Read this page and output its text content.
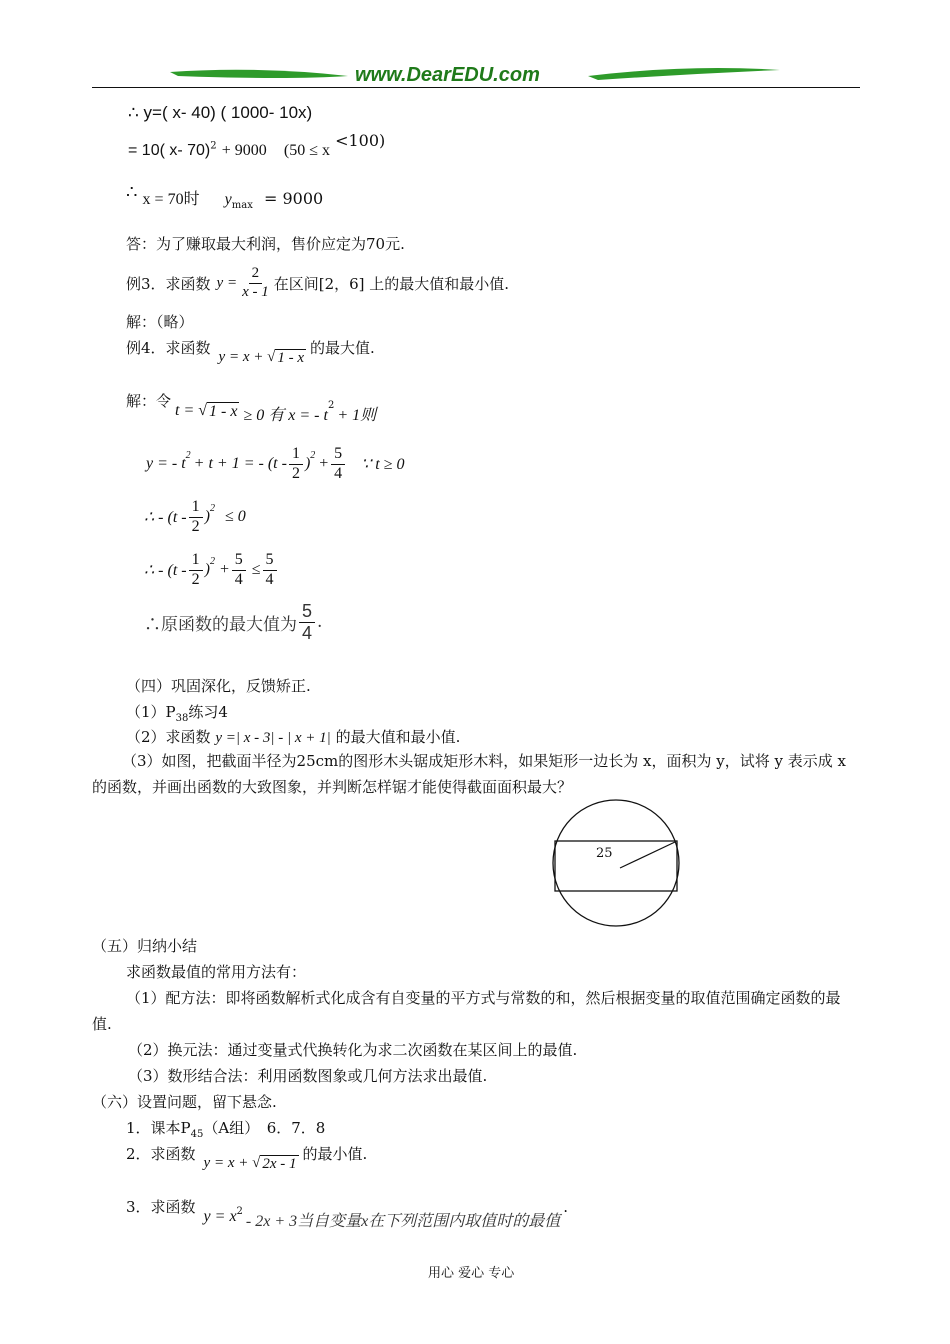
www.DearEDU.com
∴ y=( x- 40) ( 1000- 10x)
= 10( x- 70)$^2$ + 9000 (50 ≤ x <100)
∴ x = 70时 $y_{max} = 9000$
答：为了赚取最大利润，售价应定为70元.
例3．求函数 $y = \frac{2}{x - 1}$ 在区间[2，6] 上的最大值和最小值.
解：（略）
例4．求函数 y = x + √ 1 - x
的最大值.
解：令
t = √ 1 - x ≥ 0 有 x = - t
$^2$
+ 1则
y = - $t^2 + t + 1$ = - $(t - \frac{1}{2} )^2 + \frac{5}{4}$ ∵ t ≥ 0
∴ - $(t - \frac{1}{2} )^2 \le 0$
∴ - $(t - \frac{1}{2} )^2 + \frac{5}{4} \le \frac{5}{4}$
∴原函数的最大值为 $\frac{5}{4}$ .
（四）巩固深化，反馈矫正.
$(1)P_{38}$练习4
（2）求函数 y =| x - 3| - | x + 1| 的最大值和最小值.
（3）如图，把截面半径为25cm的图形木头锯成矩形木料，如果矩形一边长为 x，面积为 y，试将 y 表示成 x 的函数，并画出函数的大致图象，并判断怎样锯才能使得截面面积最大？
25
（五）归纳小结
求函数最值的常用方法有：
（1）配方法：即将函数解析式化成含有自变量的平方式与常数的和，然后根据变量的取值范围确定函数的最值.
（2）换元法：通过变量式代换转化为求二次函数在某区间上的最值.
（3）数形结合法：利用函数图象或几何方法求出最值.
（六）设置问题，留下悬念.
1．课本$P_{45}(A$组）　6．7．8
2．求函数 y = x + √ 2x - 1
的最小值.
3．求函数
$y = x^2$
- 2x + 3当自变量x在下列范围内取值时的最值
.
用心 爱心 专心
